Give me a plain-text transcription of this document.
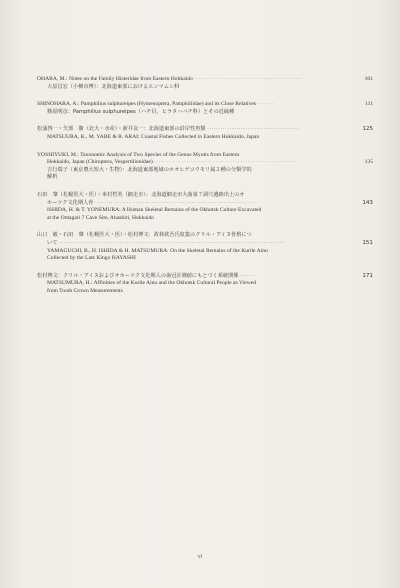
OHARA, M.: Notes on the Family Histeridae from Eastern Hokkaido ············································	101
大原昌宏（小樽市博）：北海道東部におけるエンマムシ科
SHINOHARA, A.: Pamphilius sulphureipes (Hymenoptera, Pamphiliidae) and its Close Relatives ·······	111
篠原明彦：Pamphilius sulphureipes（ハチ目，ヒラタハバチ科）とその近縁種
松浦啓一・矢部　衞（北大・水産）・新井良一：北海道東部の沿岸性魚類 ·········································	125
MATSUURA, K., M. YABE & R. ARAI: Coastal Fishes Collected in Eastern Hokkaido, Japan
YOSHIYUKI, M.: Taxonomic Analysis of Two Species of the Genus Myotis from Eastern
Hokkaido, Japan (Chiroptera, Vespertilionidae) ··························································	135
吉行瑞子（東京農大短大・生物）：北海道東部地域のホオヒゲコウモリ属２種の分類学的
解析
石田　肇（札幌医大・医）・米村哲英（網走市）：北海道網走市大曲第７洞穴遺跡出土のオ
ホーツク文化期人骨 ·······································································	143
ISHIDA, H. & T. YONEMURA: A Human Skeletal Remains of the Okhotsk Culture Excavated
at the Omagari 7 Cave Site, Abashiri, Hokkaido
山口　敏・石田　肇（札幌医大・医）・松村博文：故林欽吾氏収集のクリル・アイヌ骨格につ
いて ····································································································	151
YAMAGUCHI, B., H. ISHIDA & H. MATSUMURA: On the Skeletal Remains of the Kurile Ainu
Collected by the Late Kingo HAYASHI
松村博文：クリル・アイヌおよびオホーツク文化期人の歯冠計測値にもとづく系統関係 ·······	171
MATSUMURA, H.: Affinities of the Kurile Ainu and the Okhotsk Cultural People as Viewed
from Tooth Crown Measurements
vi
